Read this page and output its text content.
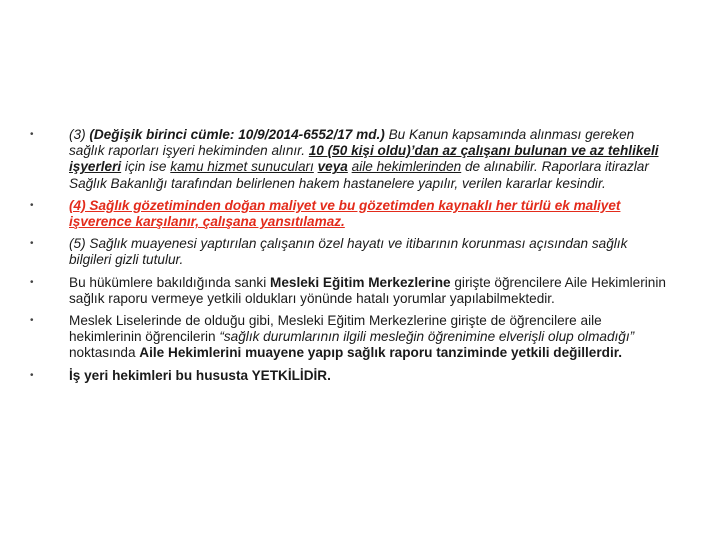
•	(3) (Değişik birinci cümle: 10/9/2014-6552/17 md.) Bu Kanun kapsamında alınması gereken sağlık raporları işyeri hekiminden alınır. 10 (50 kişi oldu)’dan az çalışanı bulunan ve az tehlikeli işyerleri için ise kamu hizmet sunucuları veya aile hekimlerinden de alınabilir. Raporlara itirazlar Sağlık Bakanlığı tarafından belirlenen hakem hastanelere yapılır, verilen kararlar kesindir.
•	(4) Sağlık gözetiminden doğan maliyet ve bu gözetimden kaynaklı her türlü ek maliyet işverence karşılanır, çalışana yansıtılamaz.
•	(5) Sağlık muayenesi yaptırılan çalışanın özel hayatı ve itibarının korunması açısından sağlık bilgileri gizli tutulur.
•	Bu hükümlere bakıldığında sanki Mesleki Eğitim Merkezlerine girişte öğrencilere Aile Hekimlerinin sağlık raporu vermeye yetkili oldukları yönünde hatalı yorumlar yapılabilmektedir.
•	Meslek Liselerinde de olduğu gibi, Mesleki Eğitim Merkezlerine girişte de öğrencilere aile hekimlerinin öğrencilerin “sağlık durumlarının ilgili mesleğin öğrenimine elverişli olup olmadığı” noktasında Aile Hekimlerini muayene yapıp sağlık raporu tanziminde yetkili değillerdir.
•	İş yeri hekimleri bu hususta YETKİLİDİR.
